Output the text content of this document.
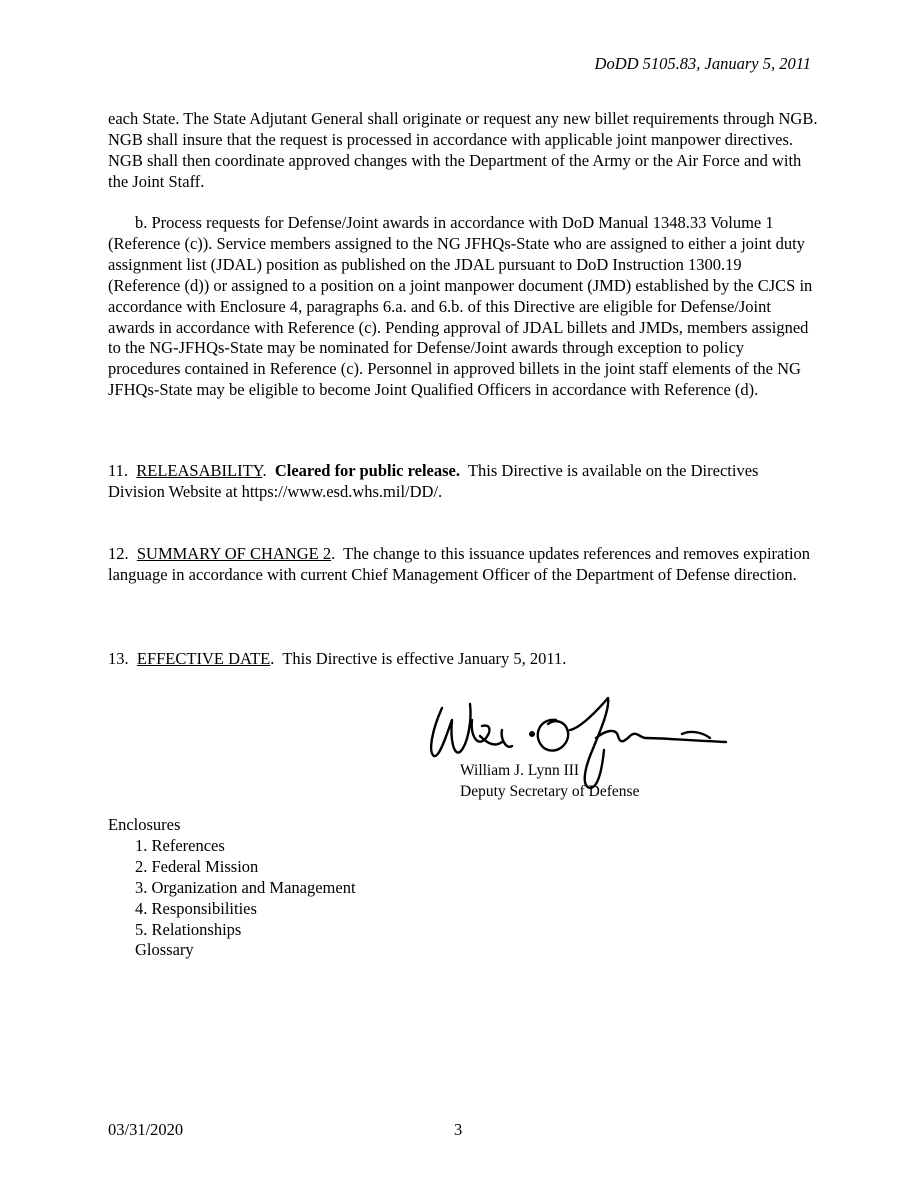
DoDD 5105.83, January 5, 2011
each State. The State Adjutant General shall originate or request any new billet requirements through NGB. NGB shall insure that the request is processed in accordance with applicable joint manpower directives. NGB shall then coordinate approved changes with the Department of the Army or the Air Force and with the Joint Staff.
b. Process requests for Defense/Joint awards in accordance with DoD Manual 1348.33 Volume 1 (Reference (c)). Service members assigned to the NG JFHQs-State who are assigned to either a joint duty assignment list (JDAL) position as published on the JDAL pursuant to DoD Instruction 1300.19 (Reference (d)) or assigned to a position on a joint manpower document (JMD) established by the CJCS in accordance with Enclosure 4, paragraphs 6.a. and 6.b. of this Directive are eligible for Defense/Joint awards in accordance with Reference (c). Pending approval of JDAL billets and JMDs, members assigned to the NG-JFHQs-State may be nominated for Defense/Joint awards through exception to policy procedures contained in Reference (c). Personnel in approved billets in the joint staff elements of the NG JFHQs-State may be eligible to become Joint Qualified Officers in accordance with Reference (d).
11. RELEASABILITY.  Cleared for public release. This Directive is available on the Directives Division Website at https://www.esd.whs.mil/DD/.
12. SUMMARY OF CHANGE 2.  The change to this issuance updates references and removes expiration language in accordance with current Chief Management Officer of the Department of Defense direction.
13. EFFECTIVE DATE.  This Directive is effective January 5, 2011.
William J. Lynn III
Deputy Secretary of Defense
Enclosures
1. References
2. Federal Mission
3. Organization and Management
4. Responsibilities
5. Relationships
Glossary
03/31/2020	3
